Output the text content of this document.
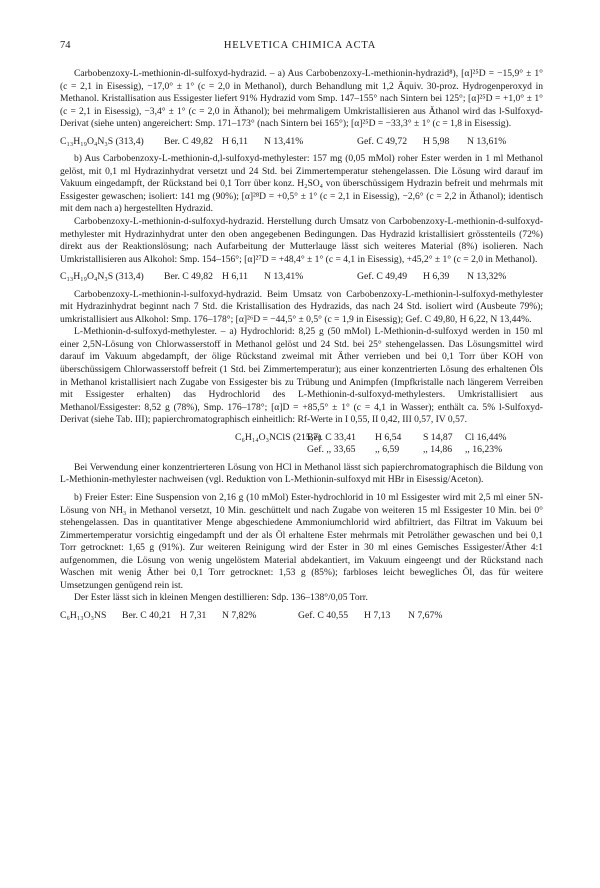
74	HELVETICA CHIMICA ACTA

Carbobenzoxy-L-methionin-dl-sulfoxyd-hydrazid. – a) Aus Carbobenzoxy-L-methionin-hydrazid⁸), [α]²⁵D = −15,9° ± 1° (c = 2,1 in Eisessig), −17,0° ± 1° (c = 2,0 in Methanol), durch Behandlung mit 1,2 Äquiv. 30-proz. Hydrogenperoxyd in Methanol. Kristallisation aus Essigester liefert 91% Hydrazid vom Smp. 147–155° nach Sintern bei 125°; [α]²⁵D = +1,0° ± 1° (c = 2,1 in Eisessig), −3,4° ± 1° (c = 2,0 in Äthanol); bei mehrmaligem Umkristallisieren aus Äthanol wird das l-Sulfoxyd-Derivat (siehe unten) angereichert: Smp. 171–173° (nach Sintern bei 165°); [α]²⁵D = −33,3° ± 1° (c = 1,8 in Eisessig).

C₁₃H₁₉O₄N₃S (313,4)	Ber. C 49,82 H 6,11	N 13,41%	Gef. C 49,72	H 5,98	N 13,61%

b) Aus Carbobenzoxy-L-methionin-d,l-sulfoxyd-methylester: 157 mg (0,05 mMol) roher Ester werden in 1 ml Methanol gelöst, mit 0,1 ml Hydrazinhydrat versetzt und 24 Std. bei Zimmertemperatur stehengelassen. Die Lösung wird darauf im Vakuum eingedampft, der Rückstand bei 0,1 Torr über konz. H₂SO₄ von überschüssigem Hydrazin befreit und mehrmals mit Essigester gewaschen; isoliert: 141 mg (90%); [α]²⁸D = +0,5° ± 1° (c = 2,1 in Eisessig), −2,6° (c = 2,2 in Äthanol); identisch mit dem nach a) hergestellten Hydrazid.

Carbobenzoxy-L-methionin-d-sulfoxyd-hydrazid. Herstellung durch Umsatz von Carbobenzoxy-L-methionin-d-sulfoxyd-methylester mit Hydrazinhydrat unter den oben angegebenen Bedingungen. Das Hydrazid kristallisiert grösstenteils (72%) direkt aus der Reaktionslösung; nach Aufarbeitung der Mutterlauge lässt sich weiteres Material (8%) isolieren. Nach Umkristallisieren aus Alkohol: Smp. 154–156°; [α]²⁷D = +48,4° ± 1° (c = 4,1 in Eisessig), +45,2° ± 1° (c = 2,0 in Methanol).

C₁₃H₁₉O₄N₃S (313,4)	Ber. C 49,82 H 6,11	N 13,41%	Gef. C 49,49	H 6,39	N 13,32%

Carbobenzoxy-L-methionin-l-sulfoxyd-hydrazid. Beim Umsatz von Carbobenzoxy-L-methionin-l-sulfoxyd-methylester mit Hydrazinhydrat beginnt nach 7 Std. die Kristallisation des Hydrazids, das nach 24 Std. isoliert wird (Ausbeute 79%); umkristallisiert aus Alkohol: Smp. 176–178°; [α]²⁶D = −44,5° ± 0,5° (c = 1,9 in Eisessig); Gef. C 49,80, H 6,22, N 13,44%.

L-Methionin-d-sulfoxyd-methylester. – a) Hydrochlorid: 8,25 g (50 mMol) L-Methionin-d-sulfoxyd werden in 150 ml einer 2,5N-Lösung von Chlorwasserstoff in Methanol gelöst und 24 Std. bei 25° stehengelassen. Das Lösungsmittel wird darauf im Vakuum abgedampft, der ölige Rückstand zweimal mit Äther verrieben und bei 0,1 Torr über KOH von überschüssigem Chlorwasserstoff befreit (1 Std. bei Zimmertemperatur); aus einer konzentrierten Lösung des erhaltenen Öls in Methanol kristallisiert nach Zugabe von Essigester bis zu Trübung und Animpfen (Impfkristalle nach längerem Verreiben mit Essigester erhalten) das Hydrochlorid des L-Methionin-d-sulfoxyd-methylesters. Umkristallisiert aus Methanol/Essigester: 8,52 g (78%), Smp. 176–178°; [α]D = +85,5° ± 1° (c = 4,1 in Wasser); enthält ca. 5% l-Sulfoxyd-Derivat (siehe Tab. III); papierchromatographisch einheitlich: Rf-Werte in I 0,55, II 0,42, III 0,57, IV 0,57.

C₆H₁₄O₃NClS (215,7)
Ber. C 33,41	H 6,54	S 14,87	Cl 16,44%
Gef. ,, 33,65	,, 6,59	,, 14,86	,, 16,23%

Bei Verwendung einer konzentrierteren Lösung von HCl in Methanol lässt sich papierchromatographisch die Bildung von L-Methionin-methylester nachweisen (vgl. Reduktion von L-Methionin-sulfoxyd mit HBr in Eisessig/Aceton).

b) Freier Ester: Eine Suspension von 2,16 g (10 mMol) Ester-hydrochlorid in 10 ml Essigester wird mit 2,5 ml einer 5N-Lösung von NH₃ in Methanol versetzt, 10 Min. geschüttelt und nach Zugabe von weiteren 15 ml Essigester 10 Min. bei 0° stehengelassen. Das in quantitativer Menge abgeschiedene Ammoniumchlorid wird abfiltriert, das Filtrat im Vakuum bei Zimmertemperatur vorsichtig eingedampft und der als Öl erhaltene Ester mehrmals mit Petroläther gewaschen und bei 0,1 Torr getrocknet: 1,65 g (91%). Zur weiteren Reinigung wird der Ester in 30 ml eines Gemisches Essigester/Äther 4:1 aufgenommen, die Lösung von wenig ungelöstem Material abdekantiert, im Vakuum eingeengt und der Rückstand nach Waschen mit wenig Äther bei 0,1 Torr getrocknet: 1,53 g (85%); farbloses leicht bewegliches Öl, das für weitere Umsetzungen genügend rein ist.

Der Ester lässt sich in kleinen Mengen destillieren: Sdp. 136–138°/0,05 Torr.

C₆H₁₃O₃NS	Ber. C 40,21 H 7,31	N 7,82%	Gef. C 40,55	H 7,13	N 7,67%
